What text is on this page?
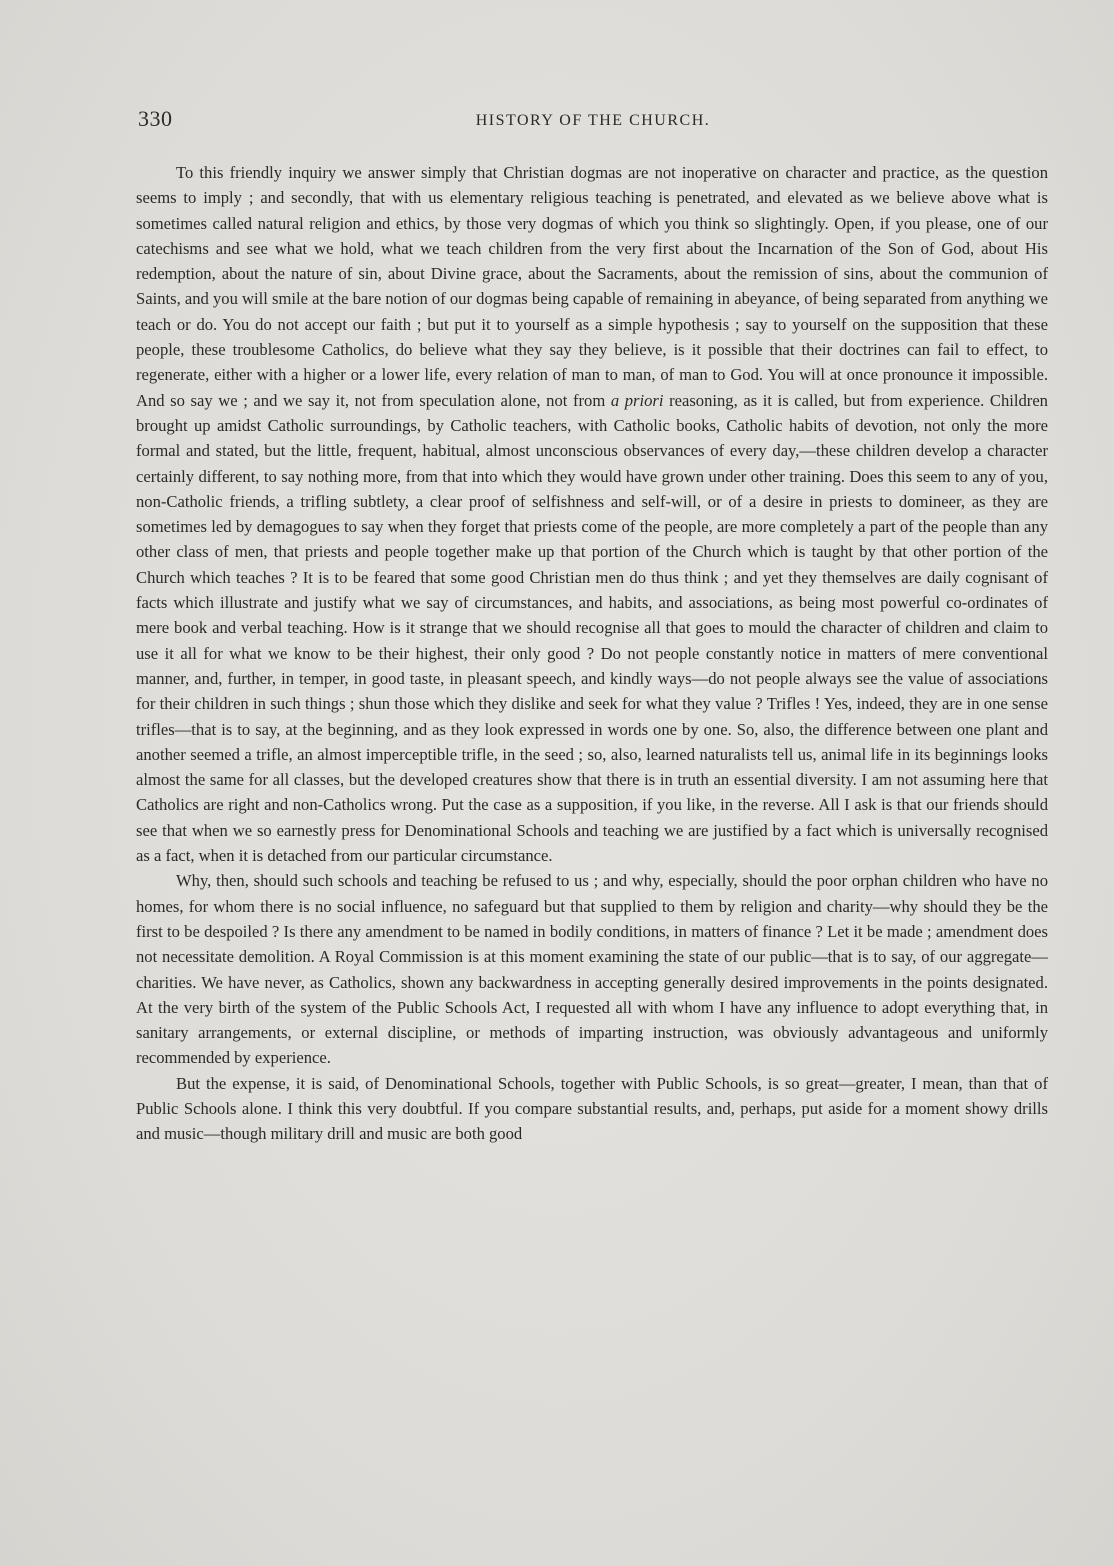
330	HISTORY OF THE CHURCH.

To this friendly inquiry we answer simply that Christian dogmas are not inoperative on character and practice, as the question seems to imply ; and secondly, that with us elementary religious teaching is penetrated, and elevated as we believe above what is sometimes called natural religion and ethics, by those very dogmas of which you think so slightingly. Open, if you please, one of our catechisms and see what we hold, what we teach children from the very first about the Incarnation of the Son of God, about His redemption, about the nature of sin, about Divine grace, about the Sacraments, about the remission of sins, about the communion of Saints, and you will smile at the bare notion of our dogmas being capable of remaining in abeyance, of being separated from anything we teach or do. You do not accept our faith ; but put it to yourself as a simple hypothesis ; say to yourself on the supposition that these people, these troublesome Catholics, do believe what they say they believe, is it possible that their doctrines can fail to effect, to regenerate, either with a higher or a lower life, every relation of man to man, of man to God. You will at once pronounce it impossible. And so say we ; and we say it, not from speculation alone, not from a priori reasoning, as it is called, but from experience. Children brought up amidst Catholic surroundings, by Catholic teachers, with Catholic books, Catholic habits of devotion, not only the more formal and stated, but the little, frequent, habitual, almost unconscious observances of every day,—these children develop a character certainly different, to say nothing more, from that into which they would have grown under other training. Does this seem to any of you, non-Catholic friends, a trifling subtlety, a clear proof of selfishness and self-will, or of a desire in priests to domineer, as they are sometimes led by demagogues to say when they forget that priests come of the people, are more completely a part of the people than any other class of men, that priests and people together make up that portion of the Church which is taught by that other portion of the Church which teaches ? It is to be feared that some good Christian men do thus think ; and yet they themselves are daily cognisant of facts which illustrate and justify what we say of circumstances, and habits, and associations, as being most powerful co-ordinates of mere book and verbal teaching. How is it strange that we should recognise all that goes to mould the character of children and claim to use it all for what we know to be their highest, their only good ? Do not people constantly notice in matters of mere conventional manner, and, further, in temper, in good taste, in pleasant speech, and kindly ways—do not people always see the value of associations for their children in such things ; shun those which they dislike and seek for what they value ? Trifles ! Yes, indeed, they are in one sense trifles—that is to say, at the beginning, and as they look expressed in words one by one. So, also, the difference between one plant and another seemed a trifle, an almost imperceptible trifle, in the seed ; so, also, learned naturalists tell us, animal life in its beginnings looks almost the same for all classes, but the developed creatures show that there is in truth an essential diversity. I am not assuming here that Catholics are right and non-Catholics wrong. Put the case as a supposition, if you like, in the reverse. All I ask is that our friends should see that when we so earnestly press for Denominational Schools and teaching we are justified by a fact which is universally recognised as a fact, when it is detached from our particular circumstance.

Why, then, should such schools and teaching be refused to us ; and why, especially, should the poor orphan children who have no homes, for whom there is no social influence, no safeguard but that supplied to them by religion and charity—why should they be the first to be despoiled ? Is there any amendment to be named in bodily conditions, in matters of finance ? Let it be made ; amendment does not necessitate demolition. A Royal Commission is at this moment examining the state of our public—that is to say, of our aggregate—charities. We have never, as Catholics, shown any backwardness in accepting generally desired improvements in the points designated. At the very birth of the system of the Public Schools Act, I requested all with whom I have any influence to adopt everything that, in sanitary arrangements, or external discipline, or methods of imparting instruction, was obviously advantageous and uniformly recommended by experience.

But the expense, it is said, of Denominational Schools, together with Public Schools, is so great—greater, I mean, than that of Public Schools alone. I think this very doubtful. If you compare substantial results, and, perhaps, put aside for a moment showy drills and music—though military drill and music are both good
